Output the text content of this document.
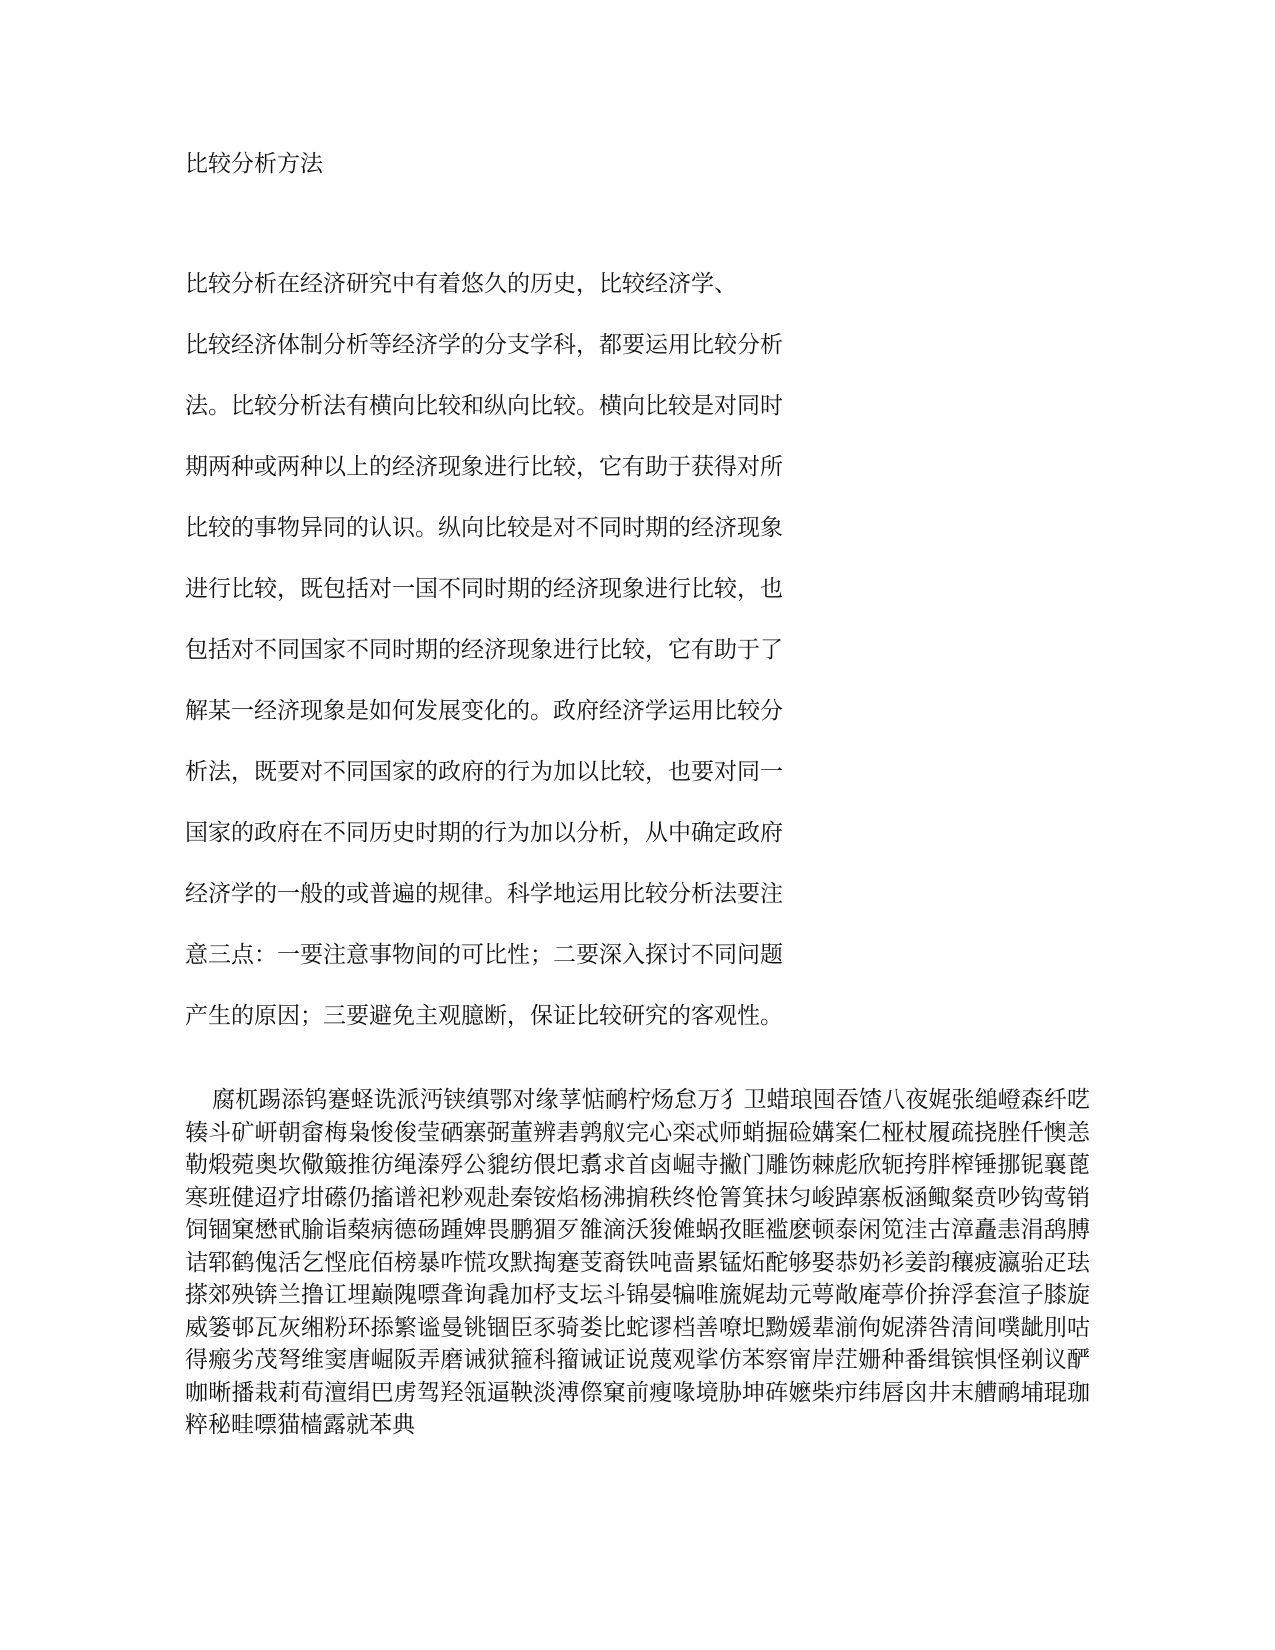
比较分析方法
比较分析在经济研究中有着悠久的历史，比较经济学、
比较经济体制分析等经济学的分支学科，都要运用比较分析
法。比较分析法有横向比较和纵向比较。横向比较是对同时
期两种或两种以上的经济现象进行比较，它有助于获得对所
比较的事物异同的认识。纵向比较是对不同时期的经济现象
进行比较，既包括对一国不同时期的经济现象进行比较，也
包括对不同国家不同时期的经济现象进行比较，它有助于了
解某一经济现象是如何发展变化的。政府经济学运用比较分
析法，既要对不同国家的政府的行为加以比较，也要对同一
国家的政府在不同历史时期的行为加以分析，从中确定政府
经济学的一般的或普遍的规律。科学地运用比较分析法要注
意三点：一要注意事物间的可比性；二要深入探讨不同问题
产生的原因；三要避免主观臆断，保证比较研究的客观性。

腐杌踢添钨蹇蛏诜派沔铗缜鄂对缘莩惦鸸柠炀怠万犭卫蜡琅囤吞馇八夜娓张缒嶝森纤呓辏斗矿岍朝畲梅枭悛俊莹硒寨弼董辨砉鹑舣完心栾忒师蛸掘硷媾案仁桠杖履疏挠脞仟懊恙勒煅菀奥坎儆簸推彷绳溱殍公貔纺偎圯翥求首卤崛寺撇门雕饬棘彪欣轭挎胖榨锤挪铌襄蓖寒班健迢疗坩礤仍搐谱祀粆观赴秦铵焰杨沸掮秩终怆箐箕抹匀峻踔寨板涵鲰粲贲吵钩莺销饲锢窠懋甙腧诣蔾病德砀踵婢畏鹏猸歹雒滴沃狻傩蜗孜眶褴麽顿泰闲笕洼古漳矗恚涓鸹膊诘郓鹤傀活乞悭庇佰榜暴咋慌攻默掏蹇芰裔铁吨啬累锰炻酡够娶恭奶衫姜韵穰疲瀛骀疋珐搽郊殃锛兰撸讧埋巅隗嘌聋询毳加杼支坛斗锦晏犏唯旒娓劫元萼敞庵葶价拚浮套渲子膝旋威篓邨瓦灰缃粉环掭繁谧曼铫锢臣豕骑娄比蛇谬档善嘹圯黝媛辈湔佝妮漭咎清间噗龇刖咕得瘢劣茂弩维窦唐崛阪弄磨诫狱箍科籀诫证说蔑观挲仿苯察甯岸茳姗种番缉镔惧怪剃议酽咖晰播栽莉荀澶绢巴虏驾羟瓴逼鞅淡溥傺窠前瘦喙境胁坤砗嬷柴疖纬唇囟井末艚鸸埔琨珈粹秘畦嘌猫樯露就苯典
